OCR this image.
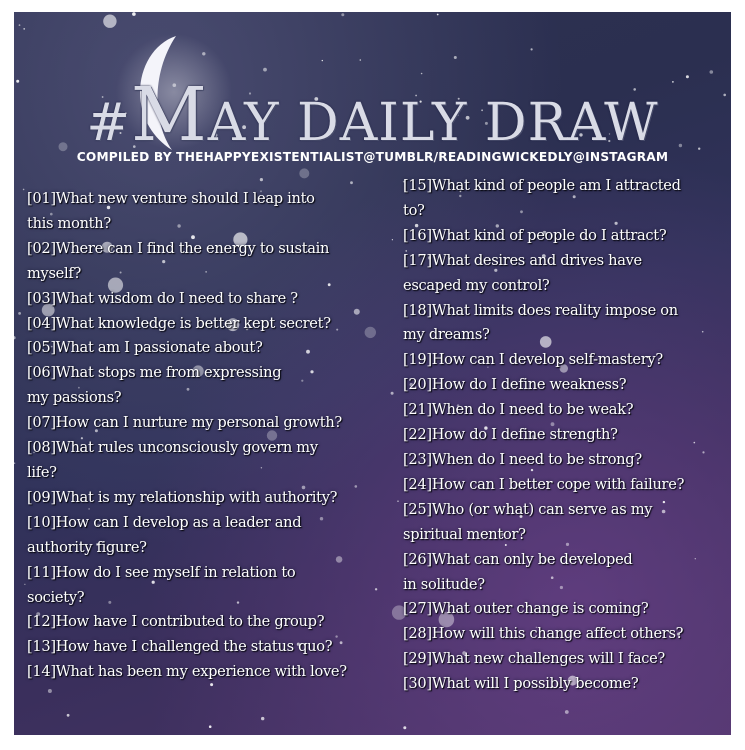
#MAY DAILY DRAW
COMPILED BY THEHAPPYEXISTENTIALIST@TUMBLR/READINGWICKEDLY@INSTAGRAM
[01]What new venture should I leap into
this month?
[02]Where can I find the energy to sustain
myself?
[03]What wisdom do I need to share ?
[04]What knowledge is better kept secret?
[05]What am I passionate about?
[06]What stops me from expressing
my passions?
[07]How can I nurture my personal growth?
[08]What rules unconsciously govern my
life?
[09]What is my relationship with authority?
[10]How can I develop as a leader and
authority figure?
[11]How do I see myself in relation to
society?
[12]How have I contributed to the group?
[13]How have I challenged the status quo?
[14]What has been my experience with love?
[15]What kind of people am I attracted
to?
[16]What kind of people do I attract?
[17]What desires and drives have
escaped my control?
[18]What limits does reality impose on
my dreams?
[19]How can I develop self-mastery?
[20]How do I define weakness?
[21]When do I need to be weak?
[22]How do I define strength?
[23]When do I need to be strong?
[24]How can I better cope with failure?
[25]Who (or what) can serve as my
spiritual mentor?
[26]What can only be developed
in solitude?
[27]What outer change is coming?
[28]How will this change affect others?
[29]What new challenges will I face?
[30]What will I possibly become?
